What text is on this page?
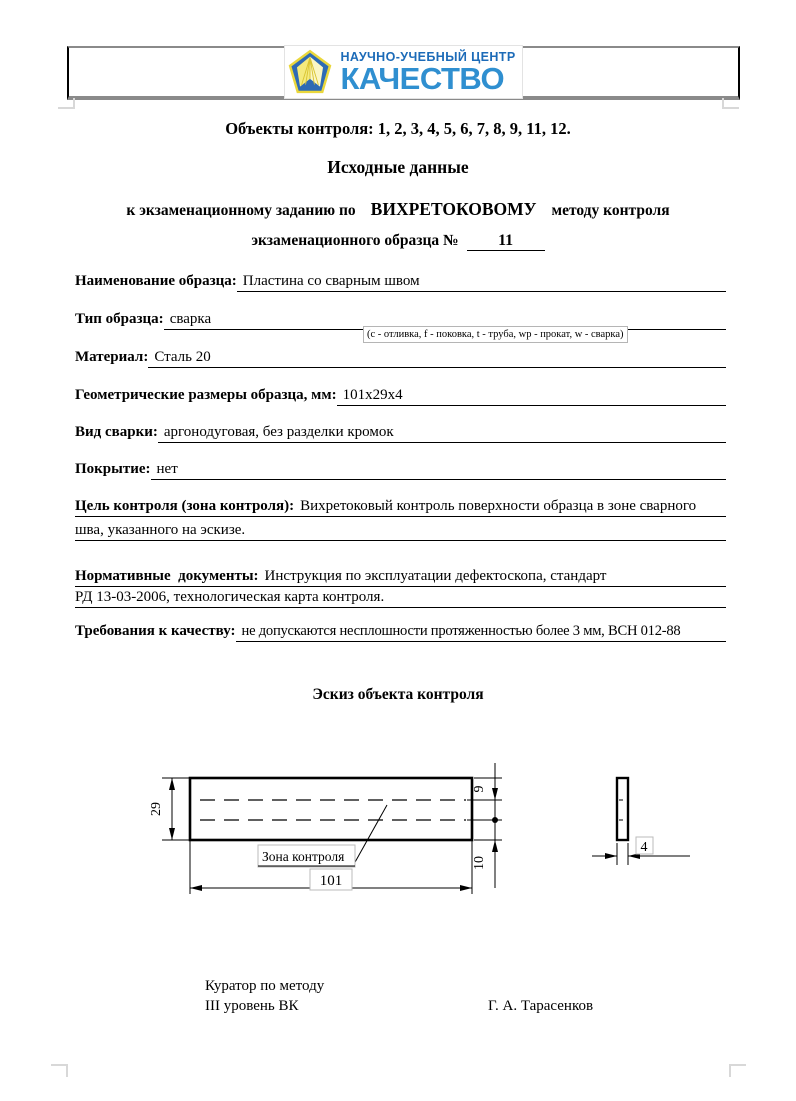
НАУЧНО-УЧЕБНЫЙ ЦЕНТР
КАЧЕСТВО
Объекты контроля: 1, 2, 3, 4, 5, 6, 7, 8, 9, 11, 12.
Исходные данные
к экзаменационному заданию по ВИХРЕТОКОВОМУ методу контроля
экзаменационного образца № 11
Наименование образца: Пластина со сварным швом
Тип образца: сварка
(c - отливка, f - поковка, t - труба, wp - прокат, w - сварка)
Материал: Сталь 20
Геометрические размеры образца, мм: 101х29х4
Вид сварки: аргонодуговая, без разделки кромок
Покрытие: нет
Цель контроля (зона контроля): Вихретоковый контроль поверхности образца в зоне сварного
шва, указанного на эскизе.
Нормативные  документы: Инструкция по эксплуатации дефектоскопа, стандарт
РД 13-03-2006, технологическая карта контроля.
Требования к качеству: не допускаются несплошности протяженностью более 3 мм, ВСН 012-88
Эскиз объекта контроля
29
101
9
10
Зона контроля
4
Куратор по методу
III уровень ВК	Г. А. Тарасенков
